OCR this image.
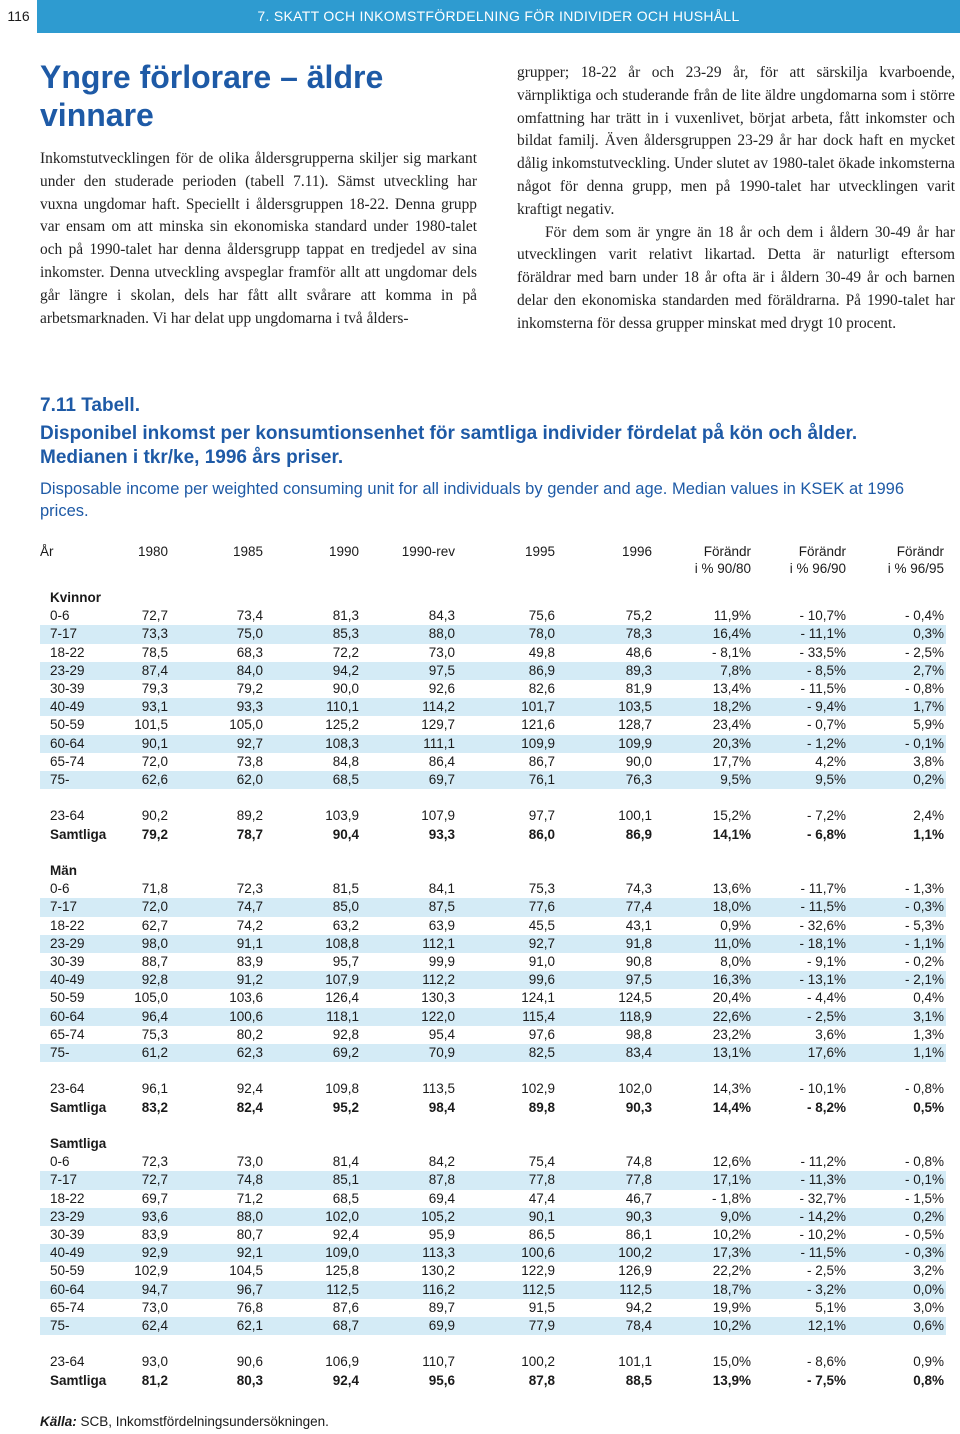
116	7. SKATT OCH INKOMSTFÖRDELNING FÖR INDIVIDER OCH HUSHÅLL
Yngre förlorare – äldre vinnare

Inkomstutvecklingen för de olika åldersgrupperna skiljer sig markant under den studerade perioden (tabell 7.11). Sämst utveckling har vuxna ungdomar haft. Speciellt i åldersgruppen 18-22. Denna grupp var ensam om att minska sin ekonomiska standard under 1980-talet och på 1990-talet har denna åldersgrupp tappat en tredjedel av sina inkomster. Denna utveckling avspeglar framför allt att ungdomar dels går längre i skolan, dels har fått allt svårare att komma in på arbetsmarknaden. Vi har delat upp ungdomarna i två ålders-

grupper; 18-22 år och 23-29 år, för att särskilja kvarboende, värnpliktiga och studerande från de lite äldre ungdomarna som i större omfattning har trätt in i vuxenlivet, börjat arbeta, fått inkomster och bildat familj. Även åldersgruppen 23-29 år har dock haft en mycket dålig inkomstutveckling. Under slutet av 1980-talet ökade inkomsterna något för denna grupp, men på 1990-talet har utvecklingen varit kraftigt negativ.

För dem som är yngre än 18 år och dem i åldern 30-49 år har utvecklingen varit relativt likartad. Detta är naturligt eftersom föräldrar med barn under 18 år ofta är i åldern 30-49 år och barnen delar den ekonomiska standarden med föräldrarna. På 1990-talet har inkomsterna för dessa grupper minskat med drygt 10 procent.

7.11 Tabell.

Disponibel inkomst per konsumtionsenhet för samtliga individer fördelat på kön och ålder.

Medianen i tkr/ke, 1996 års priser.

Disposable income per weighted consuming unit for all individuals by gender and age. Median values in KSEK at 1996 prices.

År	1980	1985	1990	1990-rev	1995	1996	Förändr
i % 90/80	Förändr
i % 96/90	Förändr
i % 96/95

Kvinnor									
0-6	72,7	73,4	81,3	84,3	75,6	75,2	11,9%	- 10,7%	- 0,4%
7-17	73,3	75,0	85,3	88,0	78,0	78,3	16,4%	- 11,1%	0,3%
18-22	78,5	68,3	72,2	73,0	49,8	48,6	- 8,1%	- 33,5%	- 2,5%
23-29	87,4	84,0	94,2	97,5	86,9	89,3	7,8%	- 8,5%	2,7%
30-39	79,3	79,2	90,0	92,6	82,6	81,9	13,4%	- 11,5%	- 0,8%
40-49	93,1	93,3	110,1	114,2	101,7	103,5	18,2%	- 9,4%	1,7%
50-59	101,5	105,0	125,2	129,7	121,6	128,7	23,4%	- 0,7%	5,9%
60-64	90,1	92,7	108,3	111,1	109,9	109,9	20,3%	- 1,2%	- 0,1%
65-74	72,0	73,8	84,8	86,4	86,7	90,0	17,7%	4,2%	3,8%
75-	62,6	62,0	68,5	69,7	76,1	76,3	9,5%	9,5%	0,2%

23-64	90,2	89,2	103,9	107,9	97,7	100,1	15,2%	- 7,2%	2,4%
Samtliga	79,2	78,7	90,4	93,3	86,0	86,9	14,1%	- 6,8%	1,1%

Män									
0-6	71,8	72,3	81,5	84,1	75,3	74,3	13,6%	- 11,7%	- 1,3%
7-17	72,0	74,7	85,0	87,5	77,6	77,4	18,0%	- 11,5%	- 0,3%
18-22	62,7	74,2	63,2	63,9	45,5	43,1	0,9%	- 32,6%	- 5,3%
23-29	98,0	91,1	108,8	112,1	92,7	91,8	11,0%	- 18,1%	- 1,1%
30-39	88,7	83,9	95,7	99,9	91,0	90,8	8,0%	- 9,1%	- 0,2%
40-49	92,8	91,2	107,9	112,2	99,6	97,5	16,3%	- 13,1%	- 2,1%
50-59	105,0	103,6	126,4	130,3	124,1	124,5	20,4%	- 4,4%	0,4%
60-64	96,4	100,6	118,1	122,0	115,4	118,9	22,6%	- 2,5%	3,1%
65-74	75,3	80,2	92,8	95,4	97,6	98,8	23,2%	3,6%	1,3%
75-	61,2	62,3	69,2	70,9	82,5	83,4	13,1%	17,6%	1,1%

23-64	96,1	92,4	109,8	113,5	102,9	102,0	14,3%	- 10,1%	- 0,8%
Samtliga	83,2	82,4	95,2	98,4	89,8	90,3	14,4%	- 8,2%	0,5%

Samtliga									
0-6	72,3	73,0	81,4	84,2	75,4	74,8	12,6%	- 11,2%	- 0,8%
7-17	72,7	74,8	85,1	87,8	77,8	77,8	17,1%	- 11,3%	- 0,1%
18-22	69,7	71,2	68,5	69,4	47,4	46,7	- 1,8%	- 32,7%	- 1,5%
23-29	93,6	88,0	102,0	105,2	90,1	90,3	9,0%	- 14,2%	0,2%
30-39	83,9	80,7	92,4	95,9	86,5	86,1	10,2%	- 10,2%	- 0,5%
40-49	92,9	92,1	109,0	113,3	100,6	100,2	17,3%	- 11,5%	- 0,3%
50-59	102,9	104,5	125,8	130,2	122,9	126,9	22,2%	- 2,5%	3,2%
60-64	94,7	96,7	112,5	116,2	112,5	112,5	18,7%	- 3,2%	0,0%
65-74	73,0	76,8	87,6	89,7	91,5	94,2	19,9%	5,1%	3,0%
75-	62,4	62,1	68,7	69,9	77,9	78,4	10,2%	12,1%	0,6%

23-64	93,0	90,6	106,9	110,7	100,2	101,1	15,0%	- 8,6%	0,9%
Samtliga	81,2	80,3	92,4	95,6	87,8	88,5	13,9%	- 7,5%	0,8%
Källa: SCB, Inkomstfördelningsundersökningen.
